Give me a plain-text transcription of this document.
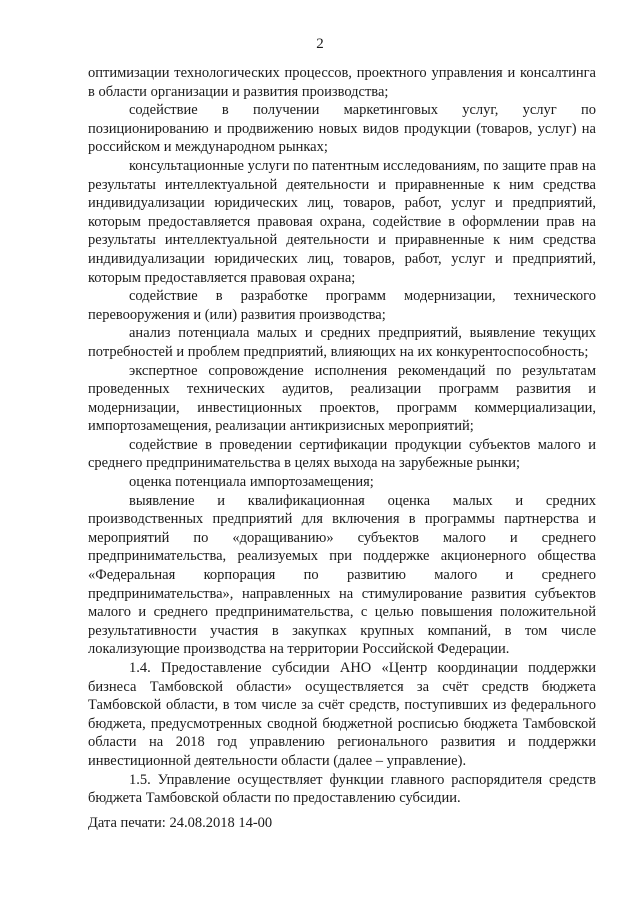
2

оптимизации технологических процессов, проектного управления и консалтинга в области организации и развития производства;

содействие в получении маркетинговых услуг, услуг по позиционированию и продвижению новых видов продукции (товаров, услуг) на российском и международном рынках;

консультационные услуги по патентным исследованиям, по защите прав на результаты интеллектуальной деятельности и приравненные к ним средства индивидуализации юридических лиц, товаров, работ, услуг и предприятий, которым предоставляется правовая охрана, содействие в оформлении прав на результаты интеллектуальной деятельности и приравненные к ним средства индивидуализации юридических лиц, товаров, работ, услуг и предприятий, которым предоставляется правовая охрана;

содействие в разработке программ модернизации, технического перевооружения и (или) развития производства;

анализ потенциала малых и средних предприятий, выявление текущих потребностей и проблем предприятий, влияющих на их конкурентоспособность;

экспертное сопровождение исполнения рекомендаций по результатам проведенных технических аудитов, реализации программ развития и модернизации, инвестиционных проектов, программ коммерциализации, импортозамещения, реализации антикризисных мероприятий;

содействие в проведении сертификации продукции субъектов малого и среднего предпринимательства в целях выхода на зарубежные рынки;

оценка потенциала импортозамещения;

выявление и квалификационная оценка малых и средних производственных предприятий для включения в программы партнерства и мероприятий по «доращиванию» субъектов малого и среднего предпринимательства, реализуемых при поддержке акционерного общества «Федеральная корпорация по развитию малого и среднего предпринимательства», направленных на стимулирование развития субъектов малого и среднего предпринимательства, с целью повышения положительной результативности участия в закупках крупных компаний, в том числе локализующие производства на территории Российской Федерации.

1.4. Предоставление субсидии АНО «Центр координации поддержки бизнеса Тамбовской области» осуществляется за счёт средств бюджета Тамбовской области, в том числе за счёт средств, поступивших из федерального бюджета, предусмотренных сводной бюджетной росписью бюджета Тамбовской области на 2018 год управлению регионального развития и поддержки инвестиционной деятельности области (далее – управление).

1.5. Управление осуществляет функции главного распорядителя средств бюджета Тамбовской области по предоставлению субсидии.

Дата печати: 24.08.2018 14-00
